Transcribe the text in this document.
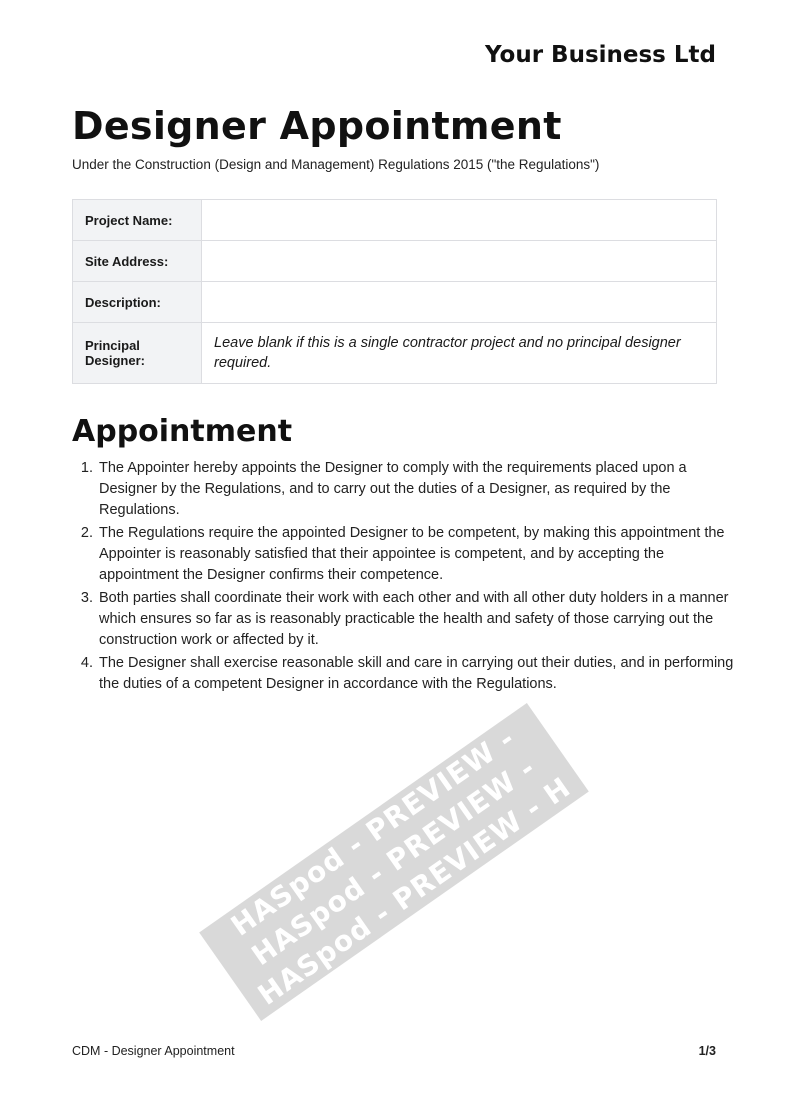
Your Business Ltd
Designer Appointment
Under the Construction (Design and Management) Regulations 2015 ("the Regulations")
Project Name:	
Site Address:	
Description:	
Principal Designer:	Leave blank if this is a single contractor project and no principal designer required.
Appointment
1. The Appointer hereby appoints the Designer to comply with the requirements placed upon a Designer by the Regulations, and to carry out the duties of a Designer, as required by the Regulations.
2. The Regulations require the appointed Designer to be competent, by making this appointment the Appointer is reasonably satisfied that their appointee is competent, and by accepting the appointment the Designer confirms their competence.
3. Both parties shall coordinate their work with each other and with all other duty holders in a manner which ensures so far as is reasonably practicable the health and safety of those carrying out the construction work or affected by it.
4. The Designer shall exercise reasonable skill and care in carrying out their duties, and in performing the duties of a competent Designer in accordance with the Regulations.
HASpod - PREVIEW - HASpod - PREVIEW - HASpod - PREVIEW - H
CDM - Designer Appointment	1/3
